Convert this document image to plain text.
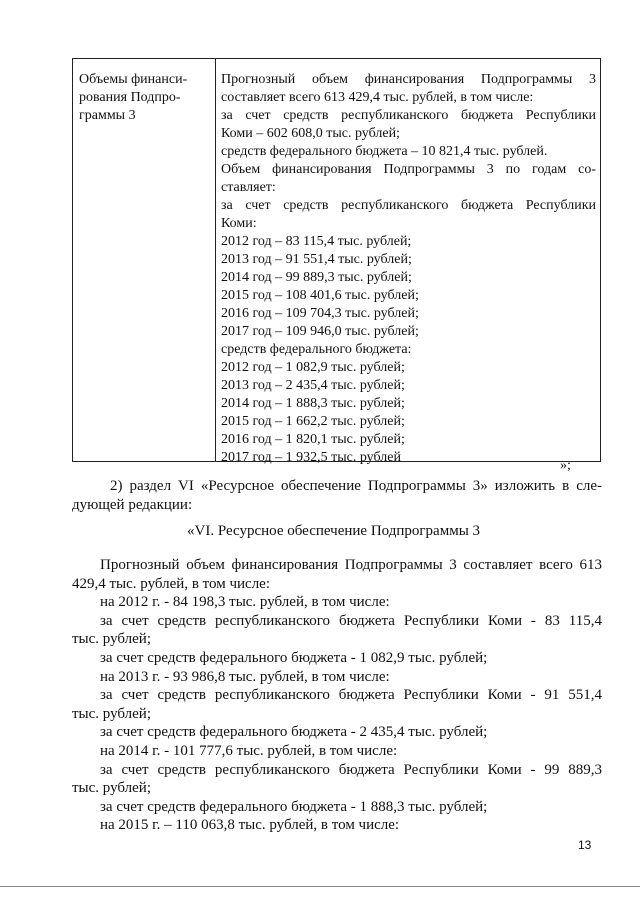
Объемы финанси-рования Подпро-граммы 3
Прогнозный объем финансирования Подпрограммы 3
составляет всего 613 429,4 тыс. рублей, в том числе:
за счет средств республиканского бюджета Республики
Коми – 602 608,0 тыс. рублей;
средств федерального бюджета – 10 821,4 тыс. рублей.
Объем финансирования Подпрограммы 3 по годам со-
ставляет:
за счет средств республиканского бюджета Республики
Коми:
2012 год – 83 115,4 тыс. рублей;
2013 год – 91 551,4 тыс. рублей;
2014 год – 99 889,3 тыс. рублей;
2015 год – 108 401,6 тыс. рублей;
2016 год – 109 704,3 тыс. рублей;
2017 год – 109 946,0 тыс. рублей;
средств федерального бюджета:
2012 год – 1 082,9 тыс. рублей;
2013 год – 2 435,4 тыс. рублей;
2014 год – 1 888,3 тыс. рублей;
2015 год – 1 662,2 тыс. рублей;
2016 год – 1 820,1 тыс. рублей;
2017 год – 1 932,5 тыс. рублей
»;
2) раздел VI «Ресурсное обеспечение Подпрограммы 3» изложить в сле-дующей редакции:
«VI. Ресурсное обеспечение Подпрограммы 3
Прогнозный объем финансирования Подпрограммы 3 составляет всего 613 429,4 тыс. рублей, в том числе:
на 2012 г. - 84 198,3 тыс. рублей, в том числе:
за счет средств республиканского бюджета Республики Коми - 83 115,4
тыс. рублей;
за счет средств федерального бюджета - 1 082,9 тыс. рублей;
на 2013 г. - 93 986,8 тыс. рублей, в том числе:
за счет средств республиканского бюджета Республики Коми - 91 551,4
тыс. рублей;
за счет средств федерального бюджета - 2 435,4 тыс. рублей;
на 2014 г. - 101 777,6 тыс. рублей, в том числе:
за счет средств республиканского бюджета Республики Коми - 99 889,3
тыс. рублей;
за счет средств федерального бюджета - 1 888,3 тыс. рублей;
на 2015 г. – 110 063,8 тыс. рублей, в том числе:
13
